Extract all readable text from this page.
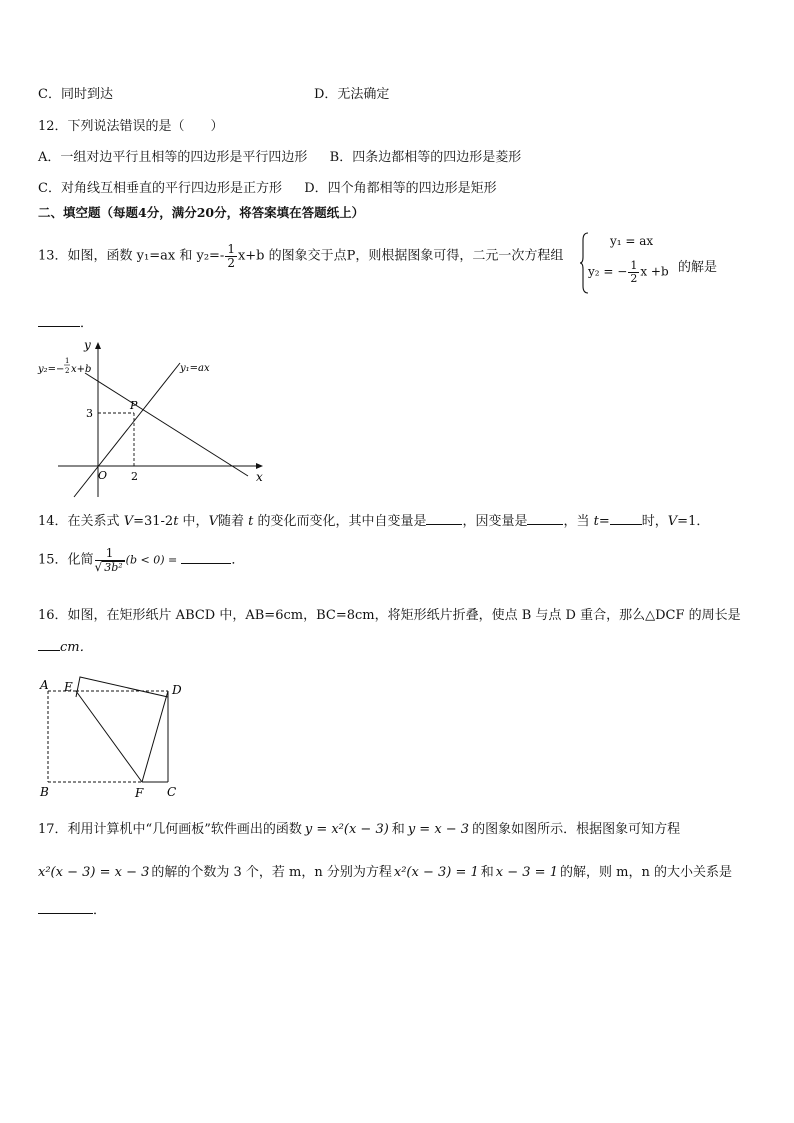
C．同时到达	D．无法确定
12．下列说法错误的是（　　）
A．一组对边平行且相等的四边形是平行四边形 B．四条边都相等的四边形是菱形
C．对角线互相垂直的平行四边形是正方形 D．四个角都相等的四边形是矩形
二、填空题（每题4分，满分20分，将答案填在答题纸上）
13．如图，函数 y₁=ax 和 $y_2=- \frac{1}{2} x+b$ 的图象交于点P，则根据图象可得，二元一次方程组
y₁ = ax
y₂ = − $\frac{1}{2}$ x +b 的解是
．
y
x
O
P
2
3
y₁=ax
y₂=−
1
2 x+b
14．在关系式 V=31-2t 中，V随着 t 的变化而变化，其中自变量是	，因变量是	，当 t= 时，V=1．
15．化简 $\frac{1}{\text{√ 3b²}} (b < 0)$ =	．
16．如图，在矩形纸片 ABCD 中，AB=6cm，BC=8cm，将矩形纸片折叠，使点 B 与点 D 重合，那么△DCF 的周长是
cm．
A E	D
B	F C
17．利用计算机中“几何画板”软件画出的函数 y = x²(x − 3) 和 y = x − 3 的图象如图所示．根据图象可知方程
x²(x − 3) = x − 3 的解的个数为 3 个，若 m，n 分别为方程 x²(x − 3) = 1 和 x − 3 = 1 的解，则 m，n 的大小关系是
．
